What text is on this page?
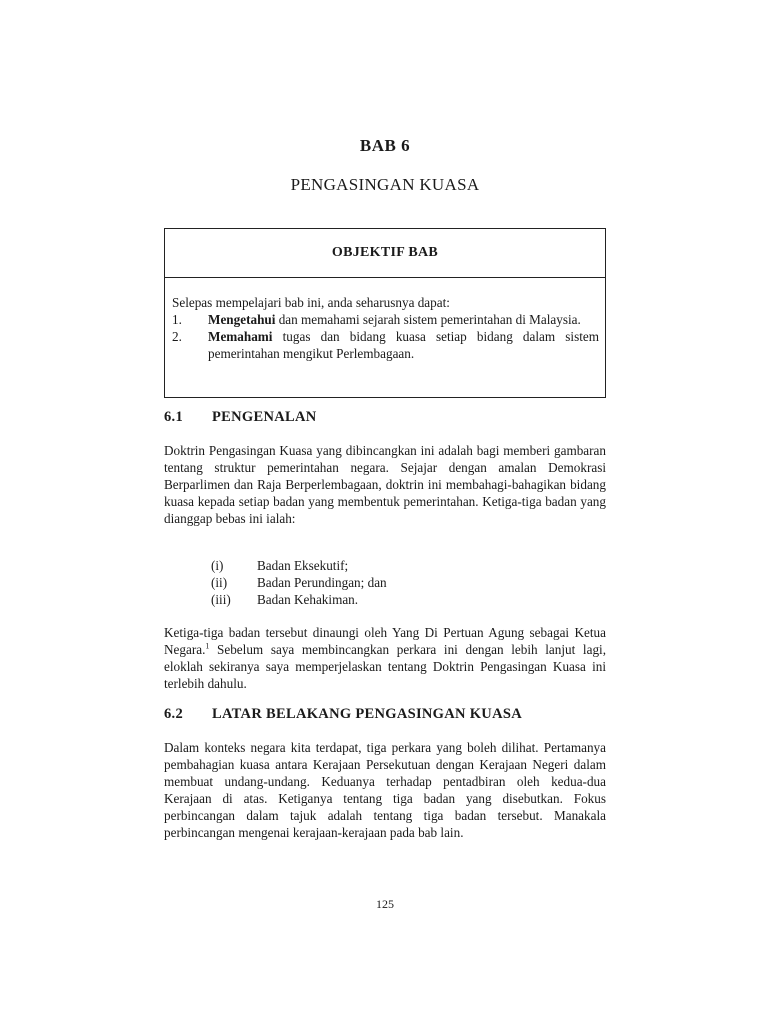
BAB 6
PENGASINGAN KUASA
OBJEKTIF BAB
Selepas mempelajari bab ini, anda seharusnya dapat:
1.	Mengetahui dan memahami sejarah sistem pemerintahan di Malaysia.
2.	Memahami tugas dan bidang kuasa setiap bidang dalam sistem pemerintahan mengikut Perlembagaan.
6.1 PENGENALAN
Doktrin Pengasingan Kuasa yang dibincangkan ini adalah bagi memberi gambaran tentang struktur pemerintahan negara. Sejajar dengan amalan Demokrasi Berparlimen dan Raja Berperlembagaan, doktrin ini membahagi-bahagikan bidang kuasa kepada setiap badan yang membentuk pemerintahan. Ketiga-tiga badan yang dianggap bebas ini ialah:
(i)	Badan Eksekutif;
(ii)	Badan Perundingan; dan
(iii)	Badan Kehakiman.
Ketiga-tiga badan tersebut dinaungi oleh Yang Di Pertuan Agung sebagai Ketua Negara.$^1$ Sebelum saya membincangkan perkara ini dengan lebih lanjut lagi, eloklah sekiranya saya memperjelaskan tentang Doktrin Pengasingan Kuasa ini terlebih dahulu.
6.2 LATAR BELAKANG PENGASINGAN KUASA
Dalam konteks negara kita terdapat, tiga perkara yang boleh dilihat. Pertamanya pembahagian kuasa antara Kerajaan Persekutuan dengan Kerajaan Negeri dalam membuat undang-undang. Keduanya terhadap pentadbiran oleh kedua-dua Kerajaan di atas. Ketiganya tentang tiga badan yang disebutkan. Fokus perbincangan dalam tajuk adalah tentang tiga badan tersebut. Manakala perbincangan mengenai kerajaan-kerajaan pada bab lain.
125
